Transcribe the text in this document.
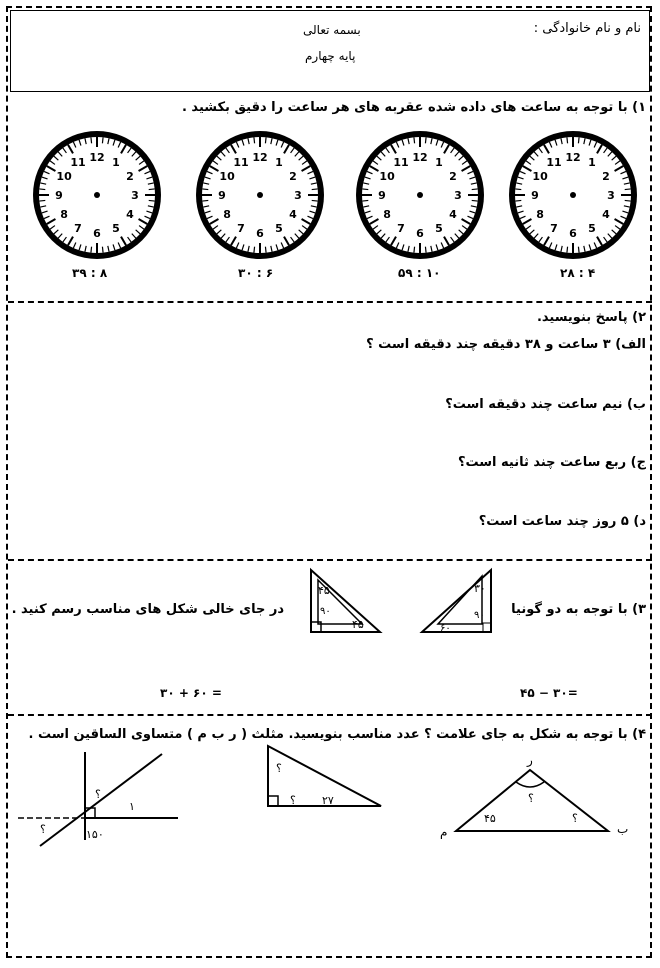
نام و نام خانوادگی :
بسمه تعالی
پایه چهارم
۱) با توجه به ساعت های داده شده عقربه های هر ساعت را دقیق بکشید .
12 1
2
3
4
5
6
7
8
9
10
11
12 1
2
3
4
5
6
7
8
9
10
11
12 1
2
3
4
5
6
7
8
9
10
11
12 1
2
3
4
5
6
7
8
9
10
11
۴ : ۲۸
۱۰ : ۵۹
۶ : ۳۰
۸ : ۳۹
۲) پاسخ بنویسید.
الف) ۳ ساعت و ۳۸ دقیقه چند دقیقه است ؟
ب) نیم ساعت چند دقیقه است؟
ج) ربع ساعت چند ثانیه است؟
د) ۵ روز چند ساعت است؟
۳) با توجه به دو گونیا
در جای خالی شکل های مناسب رسم کنید .
۳۰
۹۰
۶۰
۴۵
۹۰
۴۵
۴۵ − ۳۰=
۳۰ + ۶۰ =
۴) با توجه به شکل به جای علامت ؟ عدد مناسب بنویسید. مثلث ( ر ب م ) متساوی الساقین است .
ر
ب
م
۴۵
؟
؟
؟
؟ ۲۷
؟
۱
؟	۱۵۰
